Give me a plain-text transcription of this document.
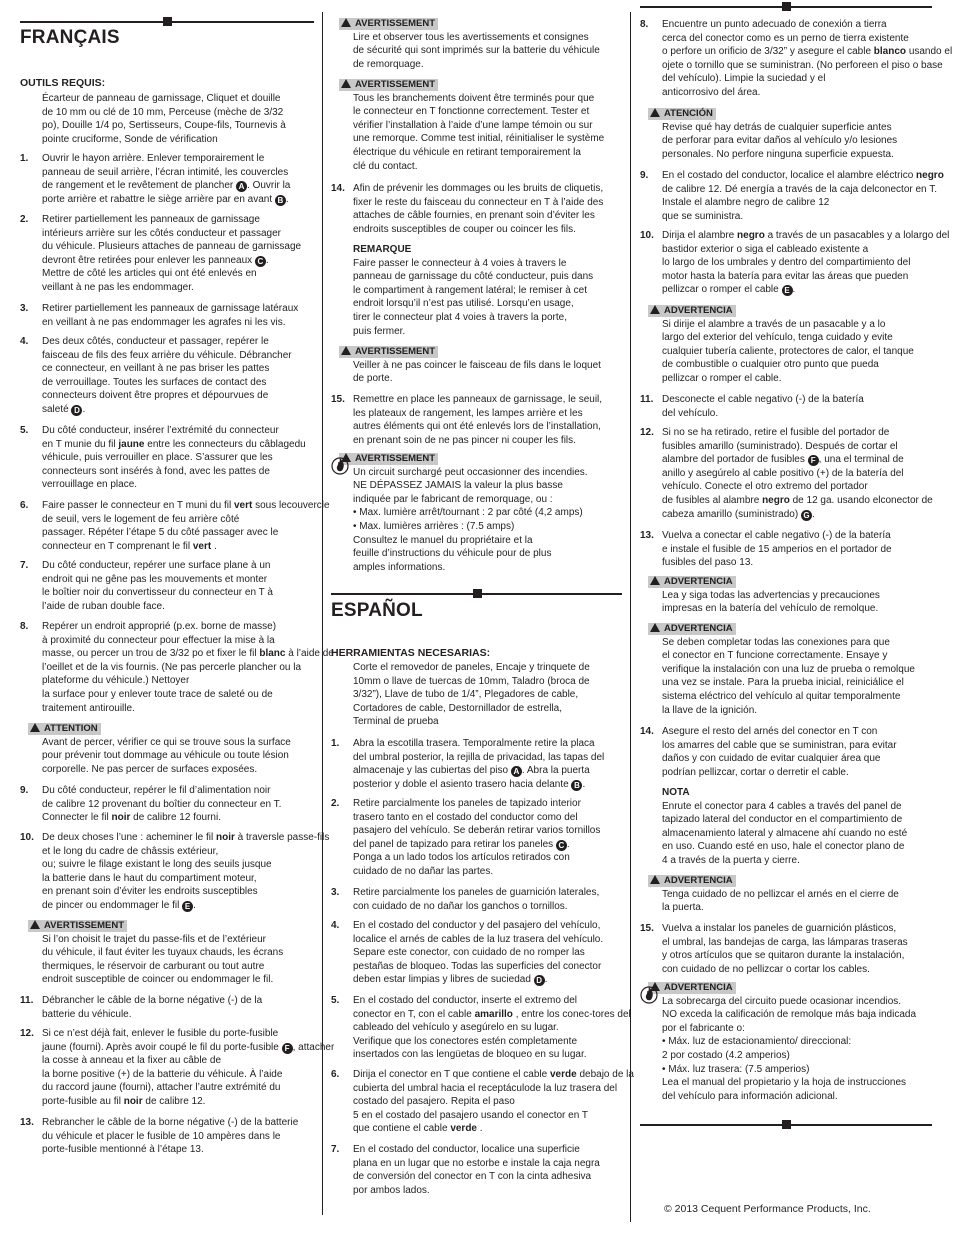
FRANÇAIS
OUTILS REQUIS:
Écarteur de panneau de garnissage, Cliquet et douille
de 10 mm ou clé de 10 mm, Perceuse (mèche de 3/32
po), Douille 1/4 po, Sertisseurs, Coupe-fils, Tournevis à
pointe cruciforme, Sonde de vérification
1. Ouvrir le hayon arrière. Enlever temporairement le
panneau de seuil arrière, l’écran intimité, les couvercles
de rangement et le revêtement de plancher A . Ouvrir la
porte arrière et rabattre le siège arrière par en avant B .
2. Retirer partiellement les panneaux de garnissage
intérieurs arrière sur les côtés conducteur et passager
du véhicule. Plusieurs attaches de panneau de garnissage
devront être retirées pour enlever les panneaux C .
Mettre de côté les articles qui ont été enlevés en
veillant à ne pas les endommager.
3. Retirer partiellement les panneaux de garnissage latéraux
en veillant à ne pas endommager les agrafes ni les vis.
4. Des deux côtés, conducteur et passager, repérer le
faisceau de fils des feux arrière du véhicule. Débrancher
ce connecteur, en veillant à ne pas briser les pattes
de verrouillage. Toutes les surfaces de contact des
connecteurs doivent être propres et dépourvues de
saleté D .
5. Du côté conducteur, insérer l’extrémité du connecteur
en T munie du fil jaune entre les connecteurs du câblagedu véhicule, puis verrouiller en place. S’assurer que les
connecteurs sont insérés à fond, avec les pattes de
verrouillage en place.
6. Faire passer le connecteur en T muni du fil vert sous lecouvercle de seuil, vers le logement de feu arrière côté
passager. Répéter l’étape 5 du côté passager avec le
connecteur en T comprenant le fil vert .
7. Du côté conducteur, repérer une surface plane à un
endroit qui ne gêne pas les mouvements et monter
le boîtier noir du convertisseur du connecteur en T à
l’aide de ruban double face.
8. Repérer un endroit approprié (p.ex. borne de masse)
à proximité du connecteur pour effectuer la mise à la
masse, ou percer un trou de 3/32 po et fixer le fil blanc à l’aide de l’oeillet et de la vis fournis. (Ne pas percerle plancher ou la plateforme du véhicule.) Nettoyer
la surface pour y enlever toute trace de saleté ou de
traitement antirouille.
ATTENTION
Avant de percer, vérifier ce qui se trouve sous la surface
pour prévenir tout dommage au véhicule ou toute lésion
corporelle. Ne pas percer de surfaces exposées.
9. Du côté conducteur, repérer le fil d’alimentation noir
de calibre 12 provenant du boîtier du connecteur en T.
Connecter le fil noir de calibre 12 fourni.
10. De deux choses l’une : acheminer le fil noir à traversle passe-fils et le long du cadre de châssis extérieur,
ou; suivre le filage existant le long des seuils jusque
la batterie dans le haut du compartiment moteur,
en prenant soin d’éviter les endroits susceptibles
de pincer ou endommager le fil E .
AVERTISSEMENT
Si l’on choisit le trajet du passe-fils et de l’extérieur
du véhicule, il faut éviter les tuyaux chauds, les écrans
thermiques, le réservoir de carburant ou tout autre
endroit susceptible de coincer ou endommager le fil.
11. Débrancher le câble de la borne négative (-) de la
batterie du véhicule.
12. Si ce n’est déjà fait, enlever le fusible du porte-fusible
jaune (fourni). Après avoir coupé le fil du porte-fusible F , attacher la cosse à anneau et la fixer au câble de
la borne positive (+) de la batterie du véhicule. À l’aide
du raccord jaune (fourni), attacher l’autre extrémité du
porte-fusible au fil noir de calibre 12.
13. Rebrancher le câble de la borne négative (-) de la batterie
du véhicule et placer le fusible de 10 ampères dans le
porte-fusible mentionné à l’étape 13.
AVERTISSEMENT
Lire et observer tous les avertissements et consignes
de sécurité qui sont imprimés sur la batterie du véhicule
de remorquage.
AVERTISSEMENT
Tous les branchements doivent être terminés pour que
le connecteur en T fonctionne correctement. Tester et
vérifier l’installation à l’aide d’une lampe témoin ou sur
une remorque. Comme test initial, réinitialiser le système
électrique du véhicule en retirant temporairement la
clé du contact.
14. Afin de prévenir les dommages ou les bruits de cliquetis,
fixer le reste du faisceau du connecteur en T à l’aide des
attaches de câble fournies, en prenant soin d’éviter les
endroits susceptibles de couper ou coincer les fils.
REMARQUE
Faire passer le connecteur à 4 voies à travers le
panneau de garnissage du côté conducteur, puis dans
le compartiment à rangement latéral; le remiser à cet
endroit lorsqu’il n’est pas utilisé. Lorsqu’en usage,
tirer le connecteur plat 4 voies à travers la porte,
puis fermer.
AVERTISSEMENT
Veiller à ne pas coincer le faisceau de fils dans le loquet
de porte.
15. Remettre en place les panneaux de garnissage, le seuil,
les plateaux de rangement, les lampes arrière et les
autres éléments qui ont été enlevés lors de l’installation,
en prenant soin de ne pas pincer ni couper les fils.
AVERTISSEMENT
Un circuit surchargé peut occasionner des incendies.
NE DÉPASSEZ JAMAIS la valeur la plus basse
indiquée par le fabricant de remorquage, ou :
• Max. lumière arrêt/tournant : 2 par côté (4,2 amps)
• Max. lumières arrières : (7.5 amps)
Consultez le manuel du propriétaire et la
feuille d’instructions du véhicule pour de plus
amples informations.
ESPAÑOL
HERRAMIENTAS NECESARIAS:
Corte el removedor de paneles, Encaje y trinquete de
10mm o llave de tuercas de 10mm, Taladro (broca de
3/32”), Llave de tubo de 1/4”, Plegadores de cable,
Cortadores de cable, Destornillador de estrella,
Terminal de prueba
1. Abra la escotilla trasera. Temporalmente retire la placa
del umbral posterior, la rejilla de privacidad, las tapas del
almacenaje y las cubiertas del piso A . Abra la puerta
posterior y doble el asiento trasero hacia delante B .
2. Retire parcialmente los paneles de tapizado interior
trasero tanto en el costado del conductor como del
pasajero del vehículo. Se deberán retirar varios tornillos
del panel de tapizado para retirar los paneles C .
Ponga a un lado todos los artículos retirados con
cuidado de no dañar las partes.
3. Retire parcialmente los paneles de guarnición laterales,
con cuidado de no dañar los ganchos o tornillos.
4. En el costado del conductor y del pasajero del vehículo,
localice el arnés de cables de la luz trasera del vehículo.
Separe este conector, con cuidado de no romper las
pestañas de bloqueo. Todas las superficies del conector
deben estar limpias y libres de suciedad D .
5. En el costado del conductor, inserte el extremo del
conector en T, con el cable amarillo , entre los conec-tores del cableado del vehículo y asegúrelo en su lugar.
Verifique que los conectores estén completamente
insertados con las lengüetas de bloqueo en su lugar.
6. Dirija el conector en T que contiene el cable verde debajo de la cubierta del umbral hacia el receptáculode la luz trasera del costado del pasajero. Repita el paso
5 en el costado del pasajero usando el conector en T
que contiene el cable verde .
7. En el costado del conductor, localice una superficie
plana en un lugar que no estorbe e instale la caja negra
de conversión del conector en T con la cinta adhesiva
por ambos lados.
8. Encuentre un punto adecuado de conexión a tierra
cerca del conector como es un perno de tierra existente
o perfore un orificio de 3/32” y asegure el cable blanco usando el ojete o tornillo que se suministran. (No perforeen el piso o base del vehículo). Limpie la suciedad y el
anticorrosivo del área.
ATENCIÓN
Revise qué hay detrás de cualquier superficie antes
de perforar para evitar daños al vehículo y/o lesiones
personales. No perfore ninguna superficie expuesta.
9. En el costado del conductor, localice el alambre eléctrico negro de calibre 12. Dé energía a través de la caja delconector en T. Instale el alambre negro de calibre 12
que se suministra.
10. Dirija el alambre negro a través de un pasacables y a lolargo del bastidor exterior o siga el cableado existente a
lo largo de los umbrales y dentro del compartimiento del
motor hasta la batería para evitar las áreas que pueden
pellizcar o romper el cable E .
ADVERTENCIA
Si dirije el alambre a través de un pasacable y a lo
largo del exterior del vehículo, tenga cuidado y evite
cualquier tubería caliente, protectores de calor, el tanque
de combustible o cualquier otro punto que pueda
pellizcar o romper el cable.
11. Desconecte el cable negativo (-) de la batería
del vehículo.
12. Si no se ha retirado, retire el fusible del portador de
fusibles amarillo (suministrado). Después de cortar el
alambre del portador de fusibles F , una el terminal de
anillo y asegúrelo al cable positivo (+) de la batería del
vehículo. Conecte el otro extremo del portador
de fusibles al alambre negro de 12 ga. usando elconector de cabeza amarillo (suministrado) G .
13. Vuelva a conectar el cable negativo (-) de la batería
e instale el fusible de 15 amperios en el portador de
fusibles del paso 13.
ADVERTENCIA
Lea y siga todas las advertencias y precauciones
impresas en la batería del vehículo de remolque.
ADVERTENCIA
Se deben completar todas las conexiones para que
el conector en T funcione correctamente. Ensaye y
verifique la instalación con una luz de prueba o remolque
una vez se instale. Para la prueba inicial, reiniciálice el
sistema eléctrico del vehículo al quitar temporalmente
la llave de la ignición.
14. Asegure el resto del arnés del conector en T con
los amarres del cable que se suministran, para evitar
daños y con cuidado de evitar cualquier área que
podrían pellizcar, cortar o derretir el cable.
NOTA
Enrute el conector para 4 cables a través del panel de
tapizado lateral del conductor en el compartimiento de
almacenamiento lateral y almacene ahí cuando no esté
en uso. Cuando esté en uso, hale el conector plano de
4 a través de la puerta y cierre.
ADVERTENCIA
Tenga cuidado de no pellizcar el arnés en el cierre de
la puerta.
15. Vuelva a instalar los paneles de guarnición plásticos,
el umbral, las bandejas de carga, las lámparas traseras
y otros artículos que se quitaron durante la instalación,
con cuidado de no pellizcar o cortar los cables.
ADVERTENCIA
La sobrecarga del circuito puede ocasionar incendios.
NO exceda la calificación de remolque más baja indicada
por el fabricante o:
• Máx. luz de estacionamiento/ direccional:
2 por costado (4.2 amperios)
• Máx. luz trasera: (7.5 amperios)
Lea el manual del propietario y la hoja de instrucciones
del vehículo para información adicional.
© 2013 Cequent Performance Products, Inc.
